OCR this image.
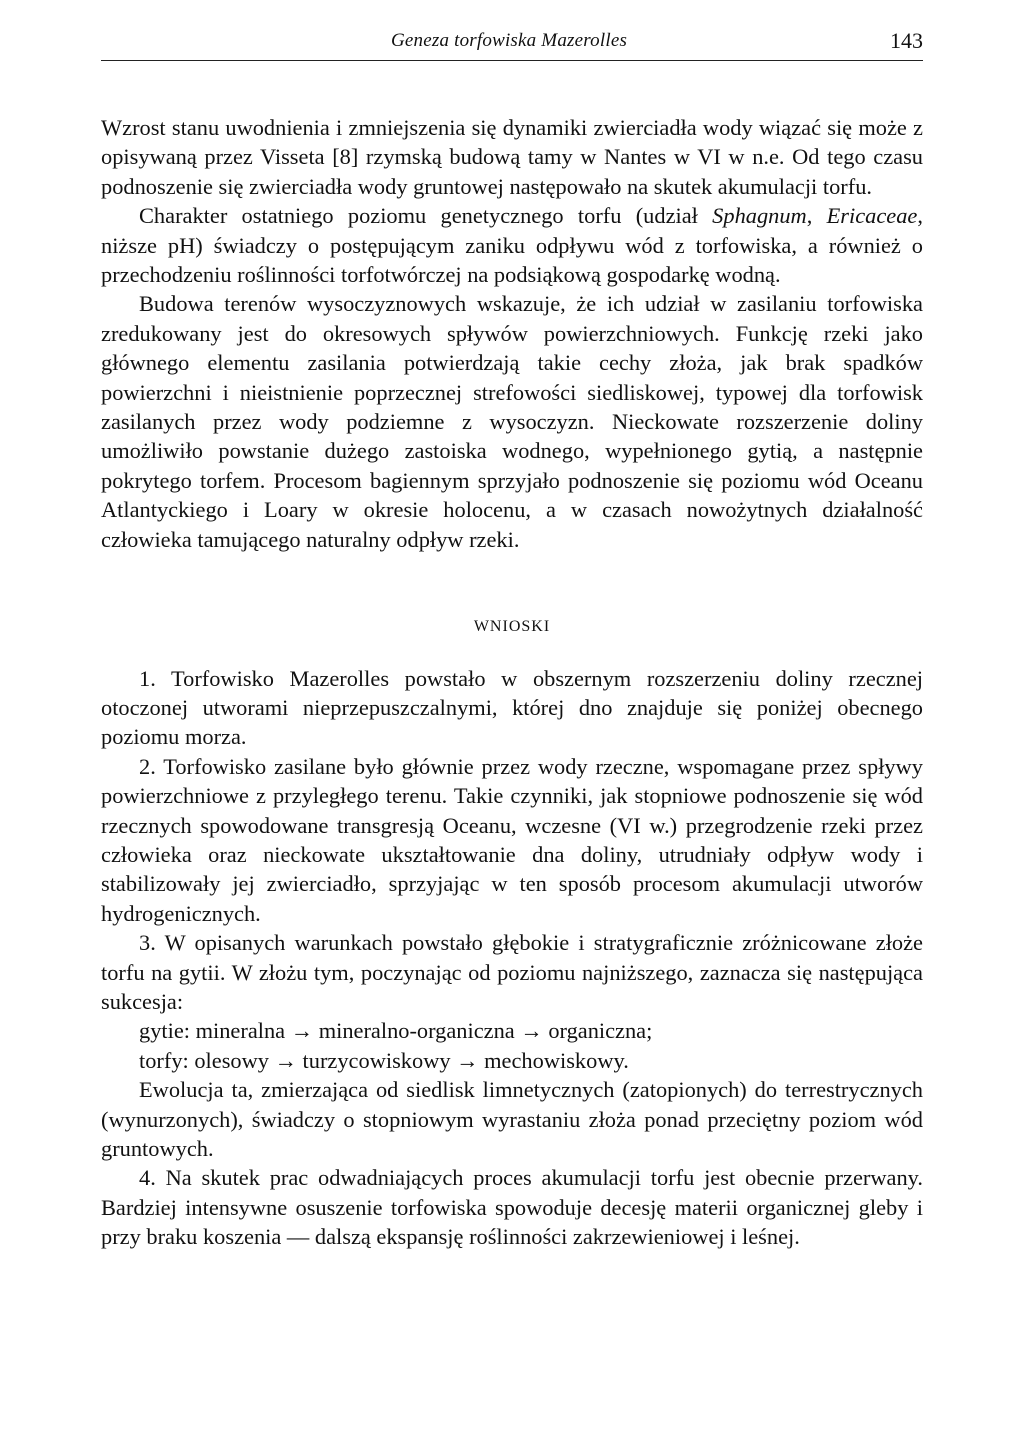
Geneza torfowiska Mazerolles	143

Wzrost stanu uwodnienia i zmniejszenia się dynamiki zwierciadła wody wiązać się może z opisywaną przez Visseta [8] rzymską budową tamy w Nantes w VI w n.e. Od tego czasu podnoszenie się zwierciadła wody gruntowej następowało na skutek akumulacji torfu.

Charakter ostatniego poziomu genetycznego torfu (udział Sphagnum, Ericaceae, niższe pH) świadczy o postępującym zaniku odpływu wód z torfowiska, a również o przechodzeniu roślinności torfotwórczej na podsiąkową gospodarkę wodną.

Budowa terenów wysoczyznowych wskazuje, że ich udział w zasilaniu torfowiska zredukowany jest do okresowych spływów powierzchniowych. Funkcję rzeki jako głównego elementu zasilania potwierdzają takie cechy złoża, jak brak spadków powierzchni i nieistnienie poprzecznej strefowości siedliskowej, typowej dla torfowisk zasilanych przez wody podziemne z wysoczyzn. Nieckowate rozszerzenie doliny umożliwiło powstanie dużego zastoiska wodnego, wypełnionego gytią, a następnie pokrytego torfem. Procesom bagiennym sprzyjało podnoszenie się poziomu wód Oceanu Atlantyckiego i Loary w okresie holocenu, a w czasach nowożytnych działalność człowieka tamującego naturalny odpływ rzeki.

WNIOSKI

1. Torfowisko Mazerolles powstało w obszernym rozszerzeniu doliny rzecznej otoczonej utworami nieprzepuszczalnymi, której dno znajduje się poniżej obecnego poziomu morza.

2. Torfowisko zasilane było głównie przez wody rzeczne, wspomagane przez spływy powierzchniowe z przyległego terenu. Takie czynniki, jak stopniowe podnoszenie się wód rzecznych spowodowane transgresją Oceanu, wczesne (VI w.) przegrodzenie rzeki przez człowieka oraz nieckowate ukształtowanie dna doliny, utrudniały odpływ wody i stabilizowały jej zwierciadło, sprzyjając w ten sposób procesom akumulacji utworów hydrogenicznych.

3. W opisanych warunkach powstało głębokie i stratygraficznie zróżnicowane złoże torfu na gytii. W złożu tym, poczynając od poziomu najniższego, zaznacza się następująca sukcesja:

gytie: mineralna → mineralno-organiczna → organiczna;

torfy: olesowy → turzycowiskowy → mechowiskowy.

Ewolucja ta, zmierzająca od siedlisk limnetycznych (zatopionych) do terrestrycznych (wynurzonych), świadczy o stopniowym wyrastaniu złoża ponad przeciętny poziom wód gruntowych.

4. Na skutek prac odwadniających proces akumulacji torfu jest obecnie przerwany. Bardziej intensywne osuszenie torfowiska spowoduje decesję materii organicznej gleby i przy braku koszenia — dalszą ekspansję roślinności zakrzewieniowej i leśnej.
